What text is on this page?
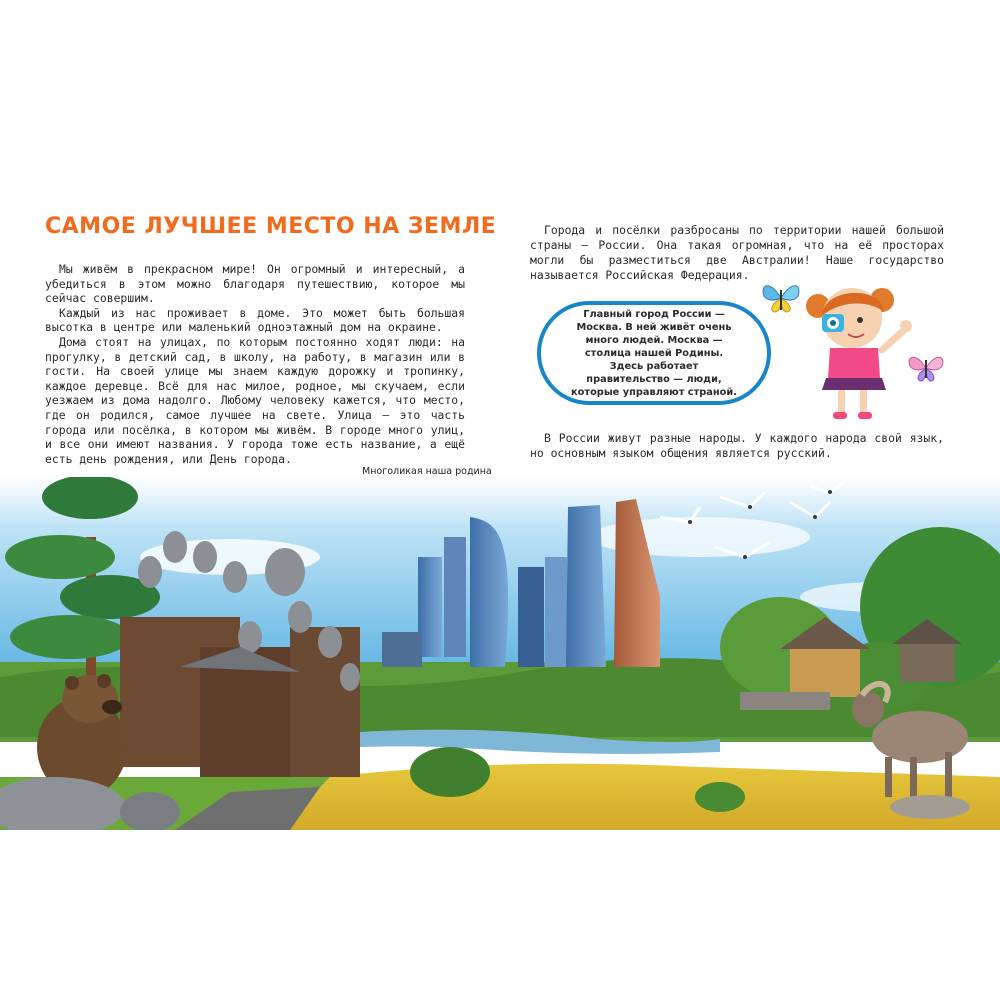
САМОЕ ЛУЧШЕЕ МЕСТО НА ЗЕМЛЕ

Мы живём в прекрасном мире! Он огромный и интересный, а убедиться в этом можно благодаря путешествию, которое мы сейчас совершим.

Каждый из нас проживает в доме. Это может быть большая высотка в центре или маленький одноэтажный дом на окраине.

Дома стоят на улицах, по которым постоянно ходят люди: на прогулку, в детский сад, в школу, на работу, в магазин или в гости. На своей улице мы знаем каждую дорожку и тропинку, каждое деревце. Всё для нас милое, родное, мы скучаем, если уезжаем из дома надолго. Любому человеку кажется, что место, где он родился, самое лучшее на свете. Улица — это часть города или посёлка, в котором мы живём. В городе много улиц, и все они имеют названия. У города тоже есть название, а ещё есть день рождения, или День города.

Города и посёлки разбросаны по территории нашей большой страны — России. Она такая огромная, что на её просторах могли бы разместиться две Австралии! Наше государство называется Российская Федерация.

Главный город России — Москва. В ней живёт очень много людей. Москва — столица нашей Родины. Здесь работает правительство — люди, которые управляют страной.

В России живут разные народы. У каждого народа свой язык, но основным языком общения является русский.

Многоликая наша родина
